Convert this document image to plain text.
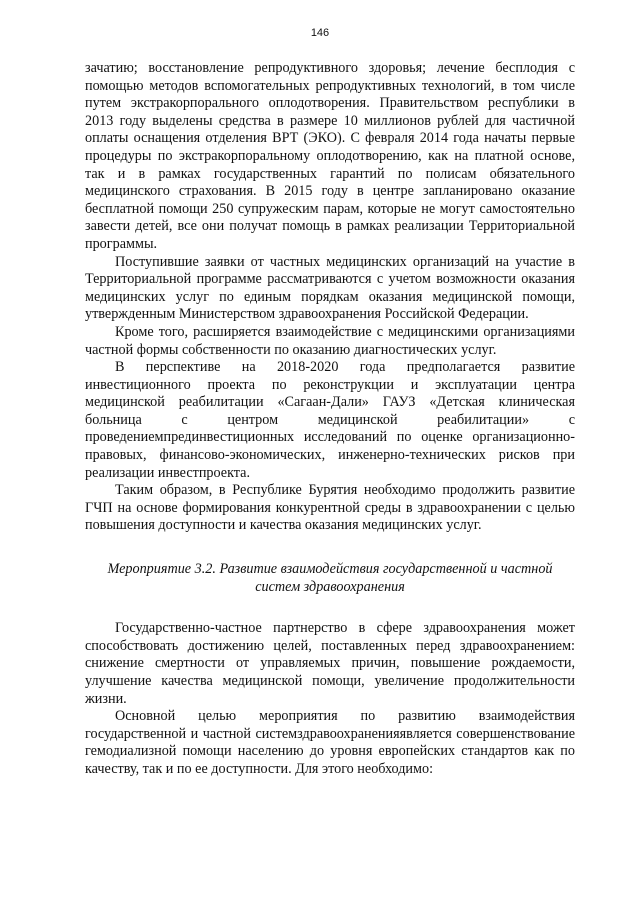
146

зачатию; восстановление репродуктивного здоровья; лечение бесплодия с помощью методов вспомогательных репродуктивных технологий, в том числе путем экстракорпорального оплодотворения. Правительством республики в 2013 году выделены средства в размере 10 миллионов рублей для частичной оплаты оснащения отделения ВРТ (ЭКО). С февраля 2014 года начаты первые процедуры по экстракорпоральному оплодотворению, как на платной основе, так и в рамках государственных гарантий по полисам обязательного медицинского страхования. В 2015 году в центре запланировано оказание бесплатной помощи 250 супружеским парам, которые не могут самостоятельно завести детей, все они получат помощь в рамках реализации Территориальной программы.

Поступившие заявки от частных медицинских организаций на участие в Территориальной программе рассматриваются с учетом возможности оказания медицинских услуг по единым порядкам оказания медицинской помощи, утвержденным Министерством здравоохранения Российской Федерации.

Кроме того, расширяется взаимодействие с медицинскими организациями частной формы собственности по оказанию диагностических услуг.

В перспективе на 2018-2020 года предполагается развитие инвестиционного проекта по реконструкции и эксплуатации центра медицинской реабилитации «Сагаан-Дали» ГАУЗ «Детская клиническая больница с центром медицинской реабилитации» с проведениемпрединвестиционных исследований по оценке организационно-правовых, финансово-экономических, инженерно-технических рисков при реализации инвестпроекта.

Таким образом, в Республике Бурятия необходимо продолжить развитие ГЧП на основе формирования конкурентной среды в здравоохранении с целью повышения доступности и качества оказания медицинских услуг.

Мероприятие 3.2. Развитие взаимодействия государственной и частной систем здравоохранения

Государственно-частное партнерство в сфере здравоохранения может способствовать достижению целей, поставленных перед здравоохранением: снижение смертности от управляемых причин, повышение рождаемости, улучшение качества медицинской помощи, увеличение продолжительности жизни.

Основной целью мероприятия по развитию взаимодействия государственной и частной системздравоохраненияявляется совершенствование гемодиализной помощи населению до уровня европейских стандартов как по качеству, так и по ее доступности. Для этого необходимо:
